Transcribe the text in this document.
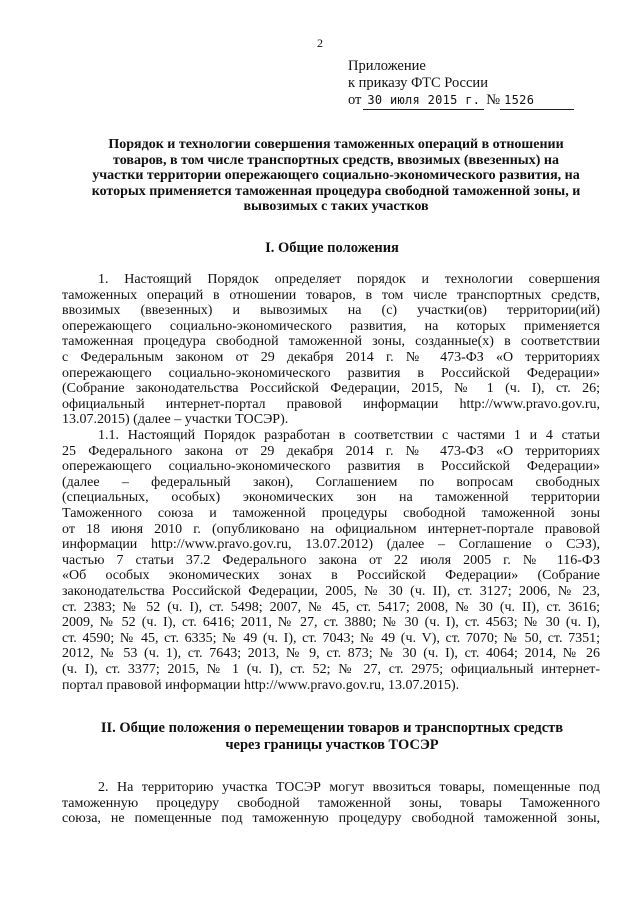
2
Приложение
к приказу ФТС России
от 30 июля 2015 г. № 1526
Порядок и технологии совершения таможенных операций в отношении
товаров, в том числе транспортных средств, ввозимых (ввезенных) на
участки территории опережающего социально-экономического развития, на
которых применяется таможенная процедура свободной таможенной зоны, и
вывозимых с таких участков
I. Общие положения
1. Настоящий Порядок определяет порядок и технологии совершения
таможенных операций в отношении товаров, в том числе транспортных средств,
ввозимых (ввезенных) и вывозимых на (с) участки(ов) территории(ий)
опережающего социально-экономического развития, на которых применяется
таможенная процедура свободной таможенной зоны, созданные(х) в соответствии
с Федеральным законом от 29 декабря 2014 г. № 473-ФЗ «О территориях
опережающего социально-экономического развития в Российской Федерации»
(Собрание законодательства Российской Федерации, 2015, № 1 (ч. I), ст. 26;
официальный интернет-портал правовой информации http://www.pravo.gov.ru,
13.07.2015) (далее – участки ТОСЭР).
1.1. Настоящий Порядок разработан в соответствии с частями 1 и 4 статьи
25 Федерального закона от 29 декабря 2014 г. № 473-ФЗ «О территориях
опережающего социально-экономического развития в Российской Федерации»
(далее – федеральный закон), Соглашением по вопросам свободных
(специальных, особых) экономических зон на таможенной территории
Таможенного союза и таможенной процедуры свободной таможенной зоны
от 18 июня 2010 г. (опубликовано на официальном интернет-портале правовой
информации http://www.pravo.gov.ru, 13.07.2012) (далее – Соглашение о СЭЗ),
частью 7 статьи 37.2 Федерального закона от 22 июля 2005 г. № 116-ФЗ
«Об особых экономических зонах в Российской Федерации» (Собрание
законодательства Российской Федерации, 2005, № 30 (ч. II), ст. 3127; 2006, № 23,
ст. 2383; № 52 (ч. I), ст. 5498; 2007, № 45, ст. 5417; 2008, № 30 (ч. II), ст. 3616;
2009, № 52 (ч. I), ст. 6416; 2011, № 27, ст. 3880; № 30 (ч. I), ст. 4563; № 30 (ч. I),
ст. 4590; № 45, ст. 6335; № 49 (ч. I), ст. 7043; № 49 (ч. V), ст. 7070; № 50, ст. 7351;
2012, № 53 (ч. 1), ст. 7643; 2013, № 9, ст. 873; № 30 (ч. I), ст. 4064; 2014, № 26
(ч. I), ст. 3377; 2015, № 1 (ч. I), ст. 52; № 27, ст. 2975; официальный интернет-
портал правовой информации http://www.pravo.gov.ru, 13.07.2015).
II. Общие положения о перемещении товаров и транспортных средств
через границы участков ТОСЭР
2. На территорию участка ТОСЭР могут ввозиться товары, помещенные под
таможенную процедуру свободной таможенной зоны, товары Таможенного
союза, не помещенные под таможенную процедуру свободной таможенной зоны,
